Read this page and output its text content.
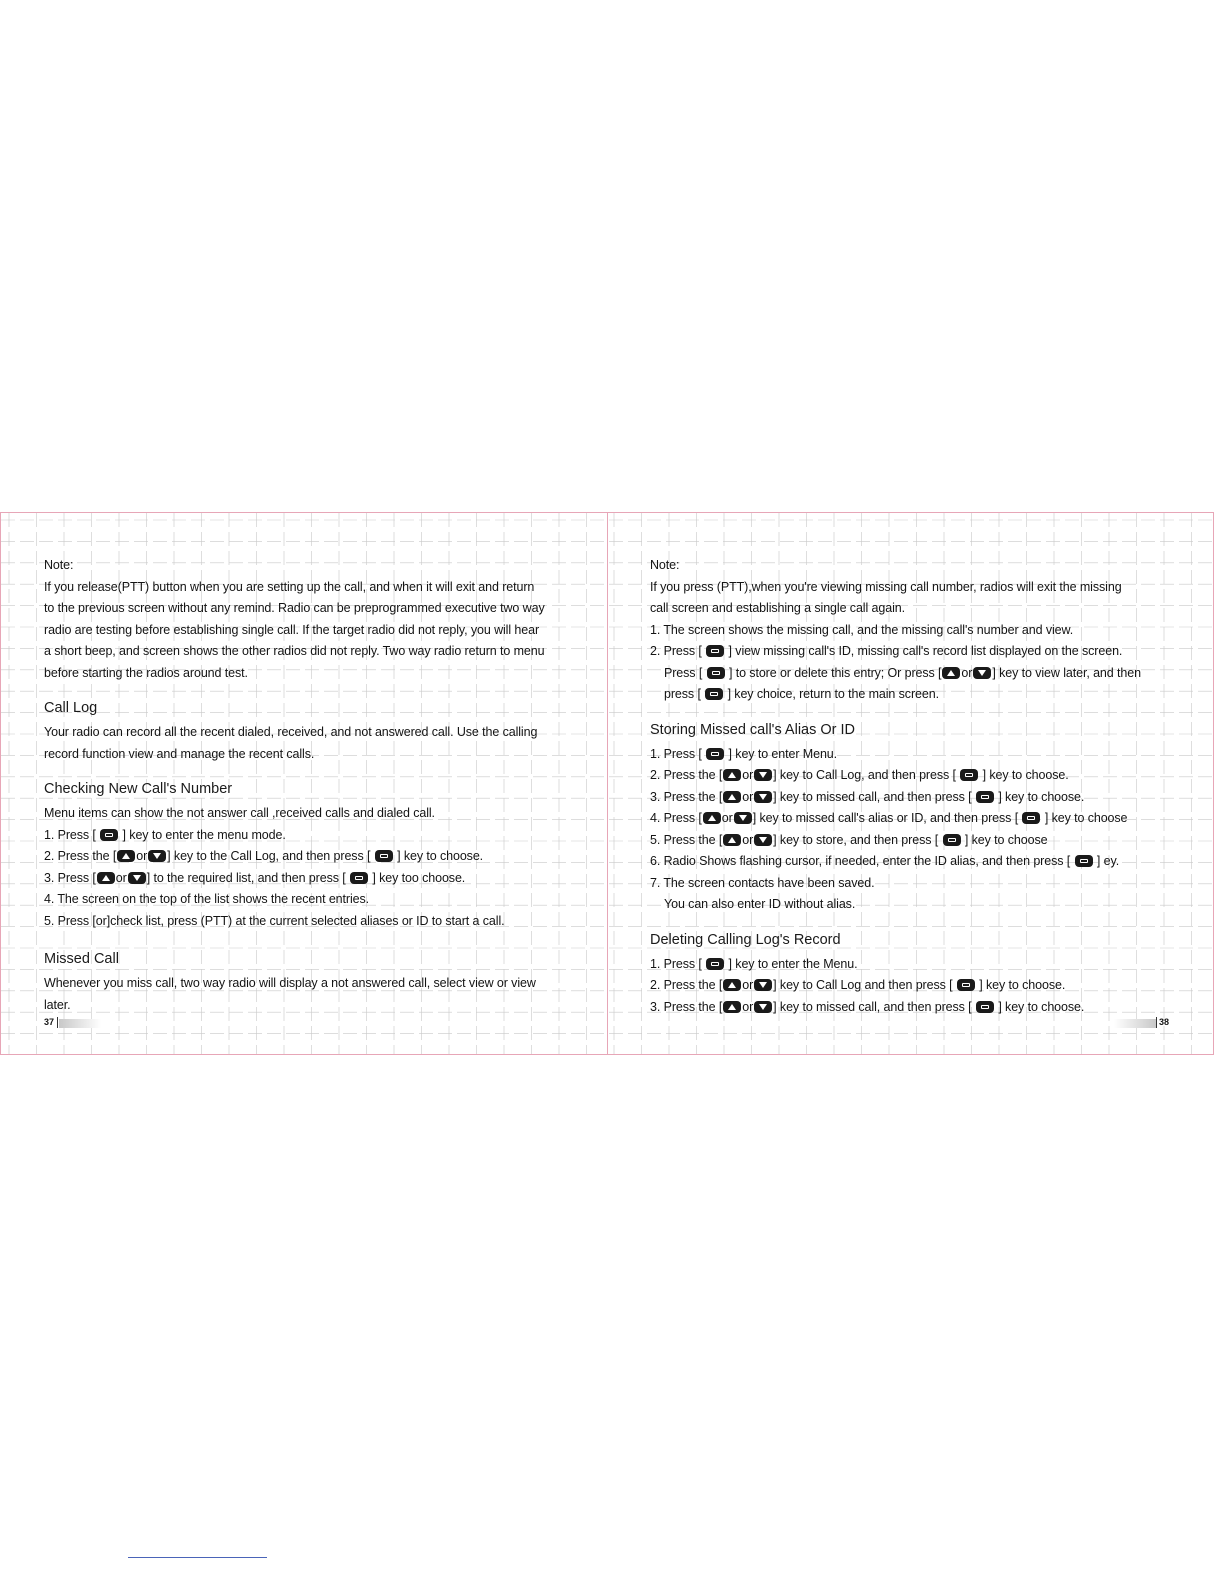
Note:
If you release(PTT) button when you are setting up the call, and when it will exit and return
to the previous screen without any remind. Radio can be preprogrammed executive two way
radio are testing before establishing single call. If the target radio did not reply, you will hear
a short beep, and screen shows the other radios did not reply. Two way radio return to menu
before starting the radios around test.
Call Log
Your radio can record all the recent dialed, received, and not answered call. Use the calling
record function view and manage the recent calls.
Checking New Call's Number
Menu items can show the not answer call ,received calls and dialed call.
1. Press [ ] key to enter the menu mode.
2. Press the [ or ] key to the Call Log, and then press [ ] key to choose.
3. Press [ or ] to the required list, and then press [ ] key too choose.
4. The screen on the top of the list shows the recent entries.
5. Press [or]check list, press (PTT) at the current selected aliases or ID to start a call.
Missed Call
Whenever you miss call, two way radio will display a not answered call, select view or view
later.
Note:
If you press (PTT),when you're viewing missing call number, radios will exit the missing
call screen and establishing a single call again.
1. The screen shows the missing call, and the missing call's number and view.
2. Press [ ] view missing call's ID, missing call's record list displayed on the screen.
Press [ ] to store or delete this entry; Or press [ or ] key to view later, and then
press [ ] key choice, return to the main screen.
Storing Missed call's Alias Or ID
1. Press [ ] key to enter Menu.
2. Press the [ or ] key to Call Log, and then press [ ] key to choose.
3. Press the [ or ] key to missed call, and then press [ ] key to choose.
4. Press [ or ] key to missed call's alias or ID, and then press [ ] key to choose
5. Press the [ or ] key to store, and then press [ ] key to choose
6. Radio Shows flashing cursor, if needed, enter the ID alias, and then press [ ] ey.
7. The screen contacts have been saved.
You can also enter ID without alias.
Deleting Calling Log's Record
1. Press [ ] key to enter the Menu.
2. Press the [ or ] key to Call Log and then press [ ] key to choose.
3. Press the [ or ] key to missed call, and then press [ ] key to choose.
37	38
